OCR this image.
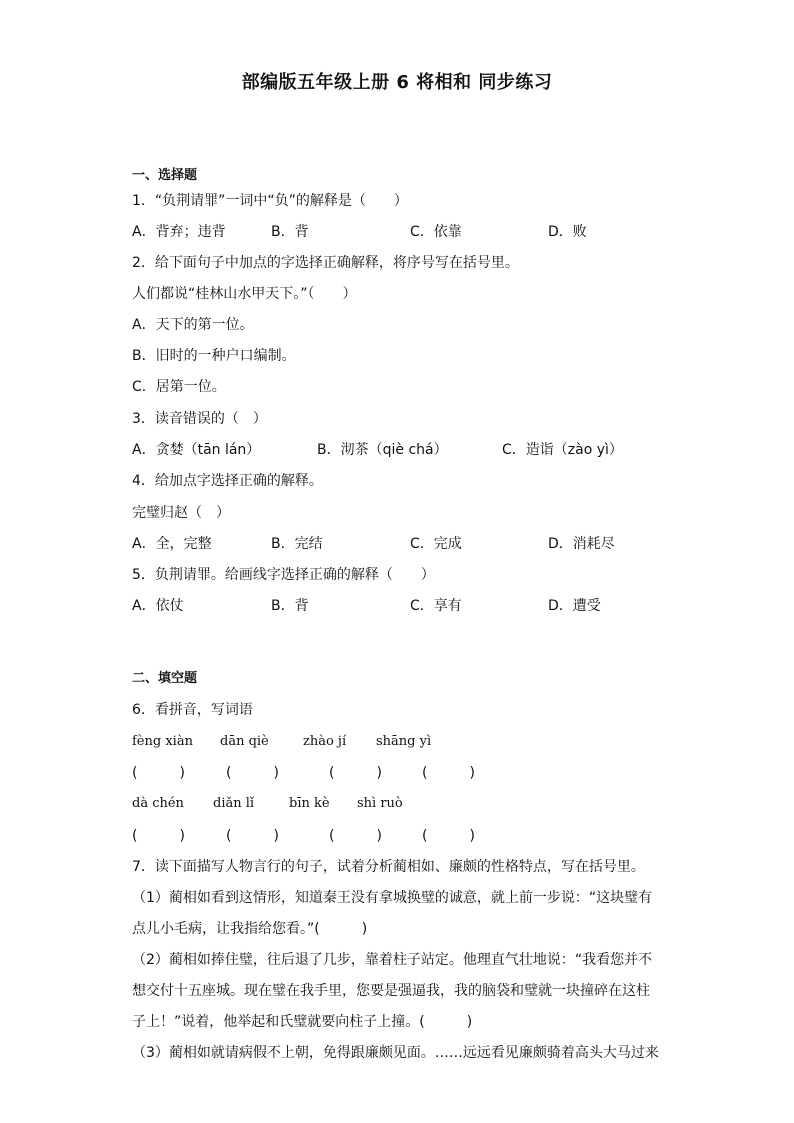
部编版五年级上册 6 将相和 同步练习
一、选择题
1．“负荆请罪”一词中“负”的解释是（　　）
A．背弃；违背	B．背	C．依靠	D．败
2．给下面句子中加点的字选择正确解释，将序号写在括号里。
人们都说“桂林山水甲天下。”（　　）
A．天下的第一位。
B．旧时的一种户口编制。
C．居第一位。
3．读音错误的（　）
A．贪婪（tān lán）	B．沏茶（qiè chá）	C．造诣（zào yì）
4．给加点字选择正确的解释。
完璧归赵（　）
A．全，完整	B．完结	C．完成	D．消耗尽
5．负荆请罪。给画线字选择正确的解释（　　）
A．依仗	B．背	C．享有	D．遭受
二、填空题
6．看拼音，写词语
fèng xiàn dān qiè	zhào jí shāng yì
(　　　)	(　　　)	(　　　)	(　　　)
dà chén diǎn lǐ	bīn kè shì ruò
(　　　)	(　　　)	(　　　)	(　　　)
7．读下面描写人物言行的句子，试着分析蔺相如、廉颇的性格特点，写在括号里。
（1）蔺相如看到这情形，知道秦王没有拿城换璧的诚意，就上前一步说：“这块璧有
点儿小毛病，让我指给您看。”(　　　)
（2）蔺相如捧住璧，往后退了几步，靠着柱子站定。他理直气壮地说：“我看您并不
想交付十五座城。现在璧在我手里，您要是强逼我，我的脑袋和璧就一块撞碎在这柱
子上！”说着，他举起和氏璧就要向柱子上撞。(　　　)
（3）蔺相如就请病假不上朝，免得跟廉颇见面。……远远看见廉颇骑着高头大马过来
